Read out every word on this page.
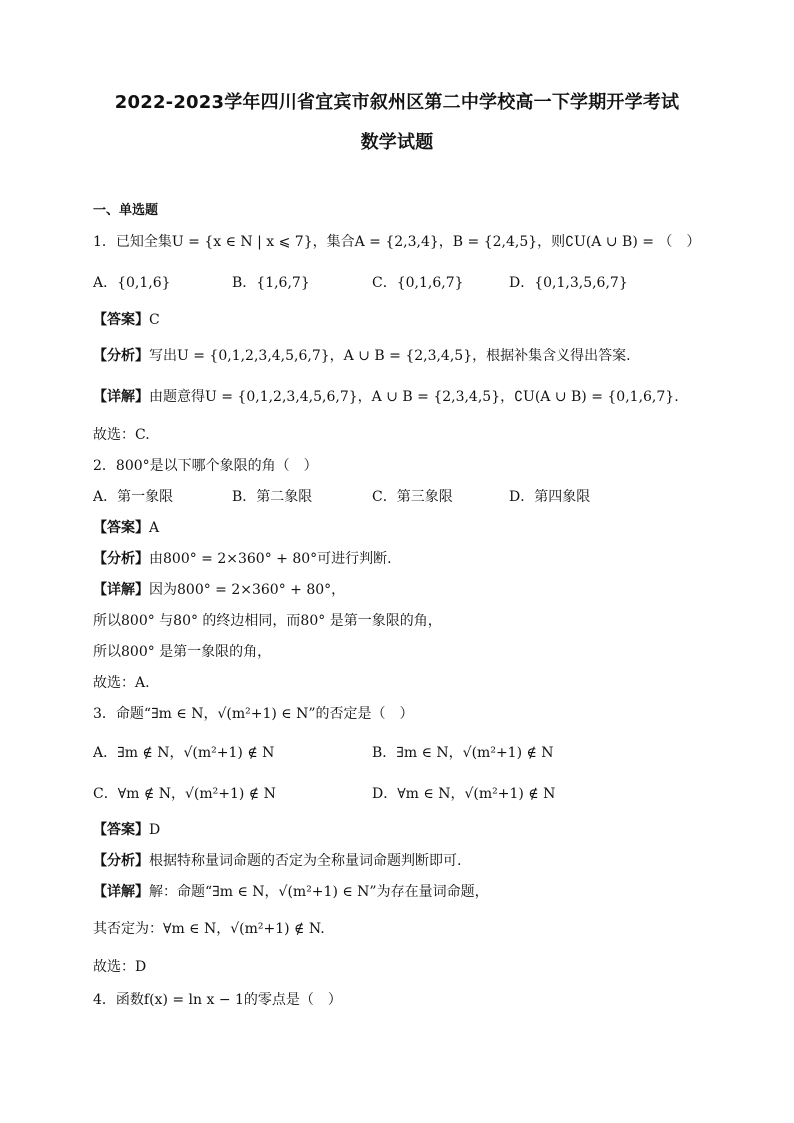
2022-2023学年四川省宜宾市叙州区第二中学校高一下学期开学考试
数学试题
一、单选题
1．已知全集U = {x ∈ N | x ⩽ 7}，集合A = {2,3,4}，B = {2,4,5}，则∁U(A ∪ B) = （　）
A．{0,1,6}	B．{1,6,7}	C．{0,1,6,7}	D．{0,1,3,5,6,7}
【答案】C
【分析】写出U = {0,1,2,3,4,5,6,7}，A ∪ B = {2,3,4,5}，根据补集含义得出答案.
【详解】由题意得U = {0,1,2,3,4,5,6,7}，A ∪ B = {2,3,4,5}，∁U(A ∪ B) = {0,1,6,7}.
故选：C.
2．800°是以下哪个象限的角（　）
A．第一象限	B．第二象限	C．第三象限	D．第四象限
【答案】A
【分析】由800° = 2×360° + 80°可进行判断.
【详解】因为800° = 2×360° + 80°，
所以800° 与80° 的终边相同，而80° 是第一象限的角，
所以800° 是第一象限的角，
故选：A.
3．命题“∃m ∈ N，√(m²+1) ∈ N”的否定是（　）
A．∃m ∉ N，√(m²+1) ∉ N	B．∃m ∈ N，√(m²+1) ∉ N
C．∀m ∉ N，√(m²+1) ∉ N	D．∀m ∈ N，√(m²+1) ∉ N
【答案】D
【分析】根据特称量词命题的否定为全称量词命题判断即可.
【详解】解：命题“∃m ∈ N，√(m²+1) ∈ N”为存在量词命题，
其否定为：∀m ∈ N，√(m²+1) ∉ N.
故选：D
4．函数f(x) = ln x − 1的零点是（　）
